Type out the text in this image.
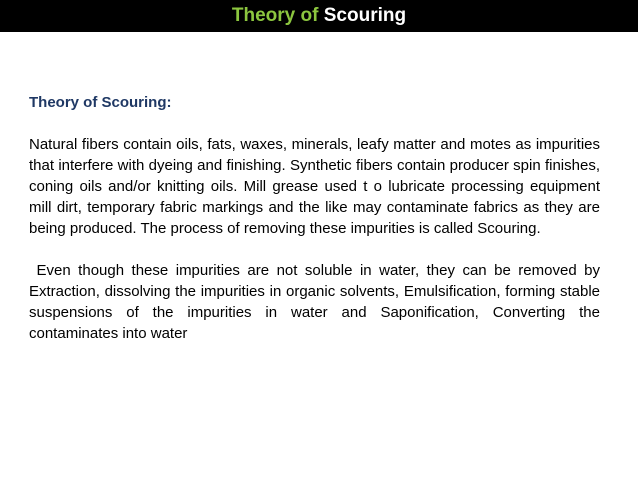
Theory of Scouring

Theory of Scouring:

Natural fibers contain oils, fats, waxes, minerals, leafy matter and motes as impurities that interfere with dyeing and finishing. Synthetic fibers contain producer spin finishes, coning oils and/or knitting oils. Mill grease used t o lubricate processing equipment mill dirt, temporary fabric markings and the like may contaminate fabrics as they are being produced. The process of removing these impurities is called Scouring.

Even though these impurities are not soluble in water, they can be removed by Extraction, dissolving the impurities in organic solvents, Emulsification, forming stable suspensions of the impurities in water and Saponification, Converting the contaminates into water
